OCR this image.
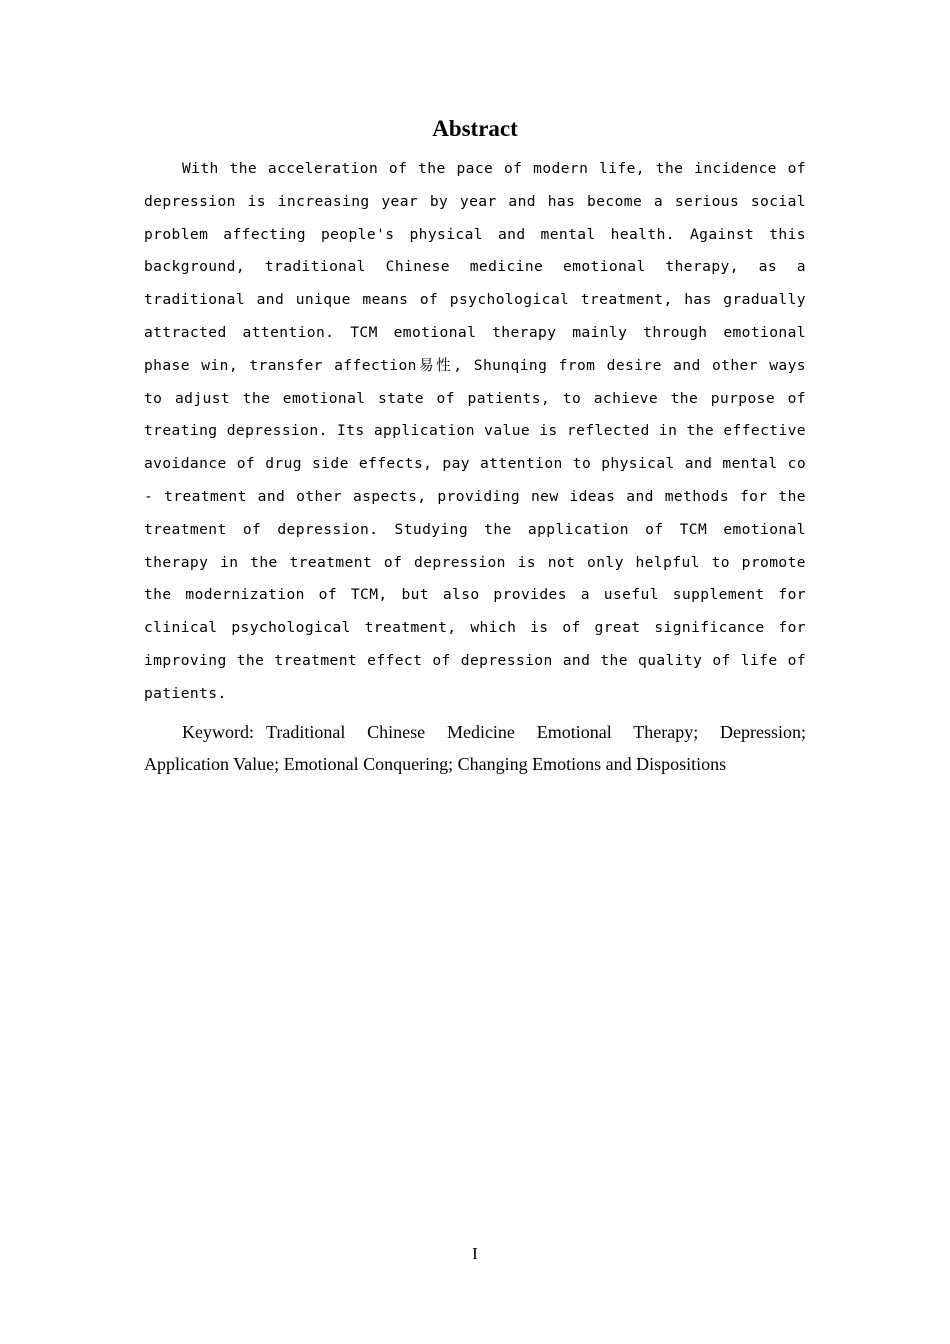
Abstract

With the acceleration of the pace of modern life, the incidence of depression is increasing year by year and has become a serious social problem affecting people's physical and mental health. Against this background, traditional Chinese medicine emotional therapy, as a traditional and unique means of psychological treatment, has gradually attracted attention. TCM emotional therapy mainly through emotional phase win, transfer affection易性, Shunqing from desire and other ways to adjust the emotional state of patients, to achieve the purpose of treating depression. Its application value is reflected in the effective avoidance of drug side effects, pay attention to physical and mental co - treatment and other aspects, providing new ideas and methods for the treatment of depression. Studying the application of TCM emotional therapy in the treatment of depression is not only helpful to promote the modernization of TCM, but also provides a useful supplement for clinical psychological treatment, which is of great significance for improving the treatment effect of depression and the quality of life of patients.

Keyword: Traditional Chinese Medicine Emotional Therapy; Depression; Application Value; Emotional Conquering; Changing Emotions and Dispositions

I
